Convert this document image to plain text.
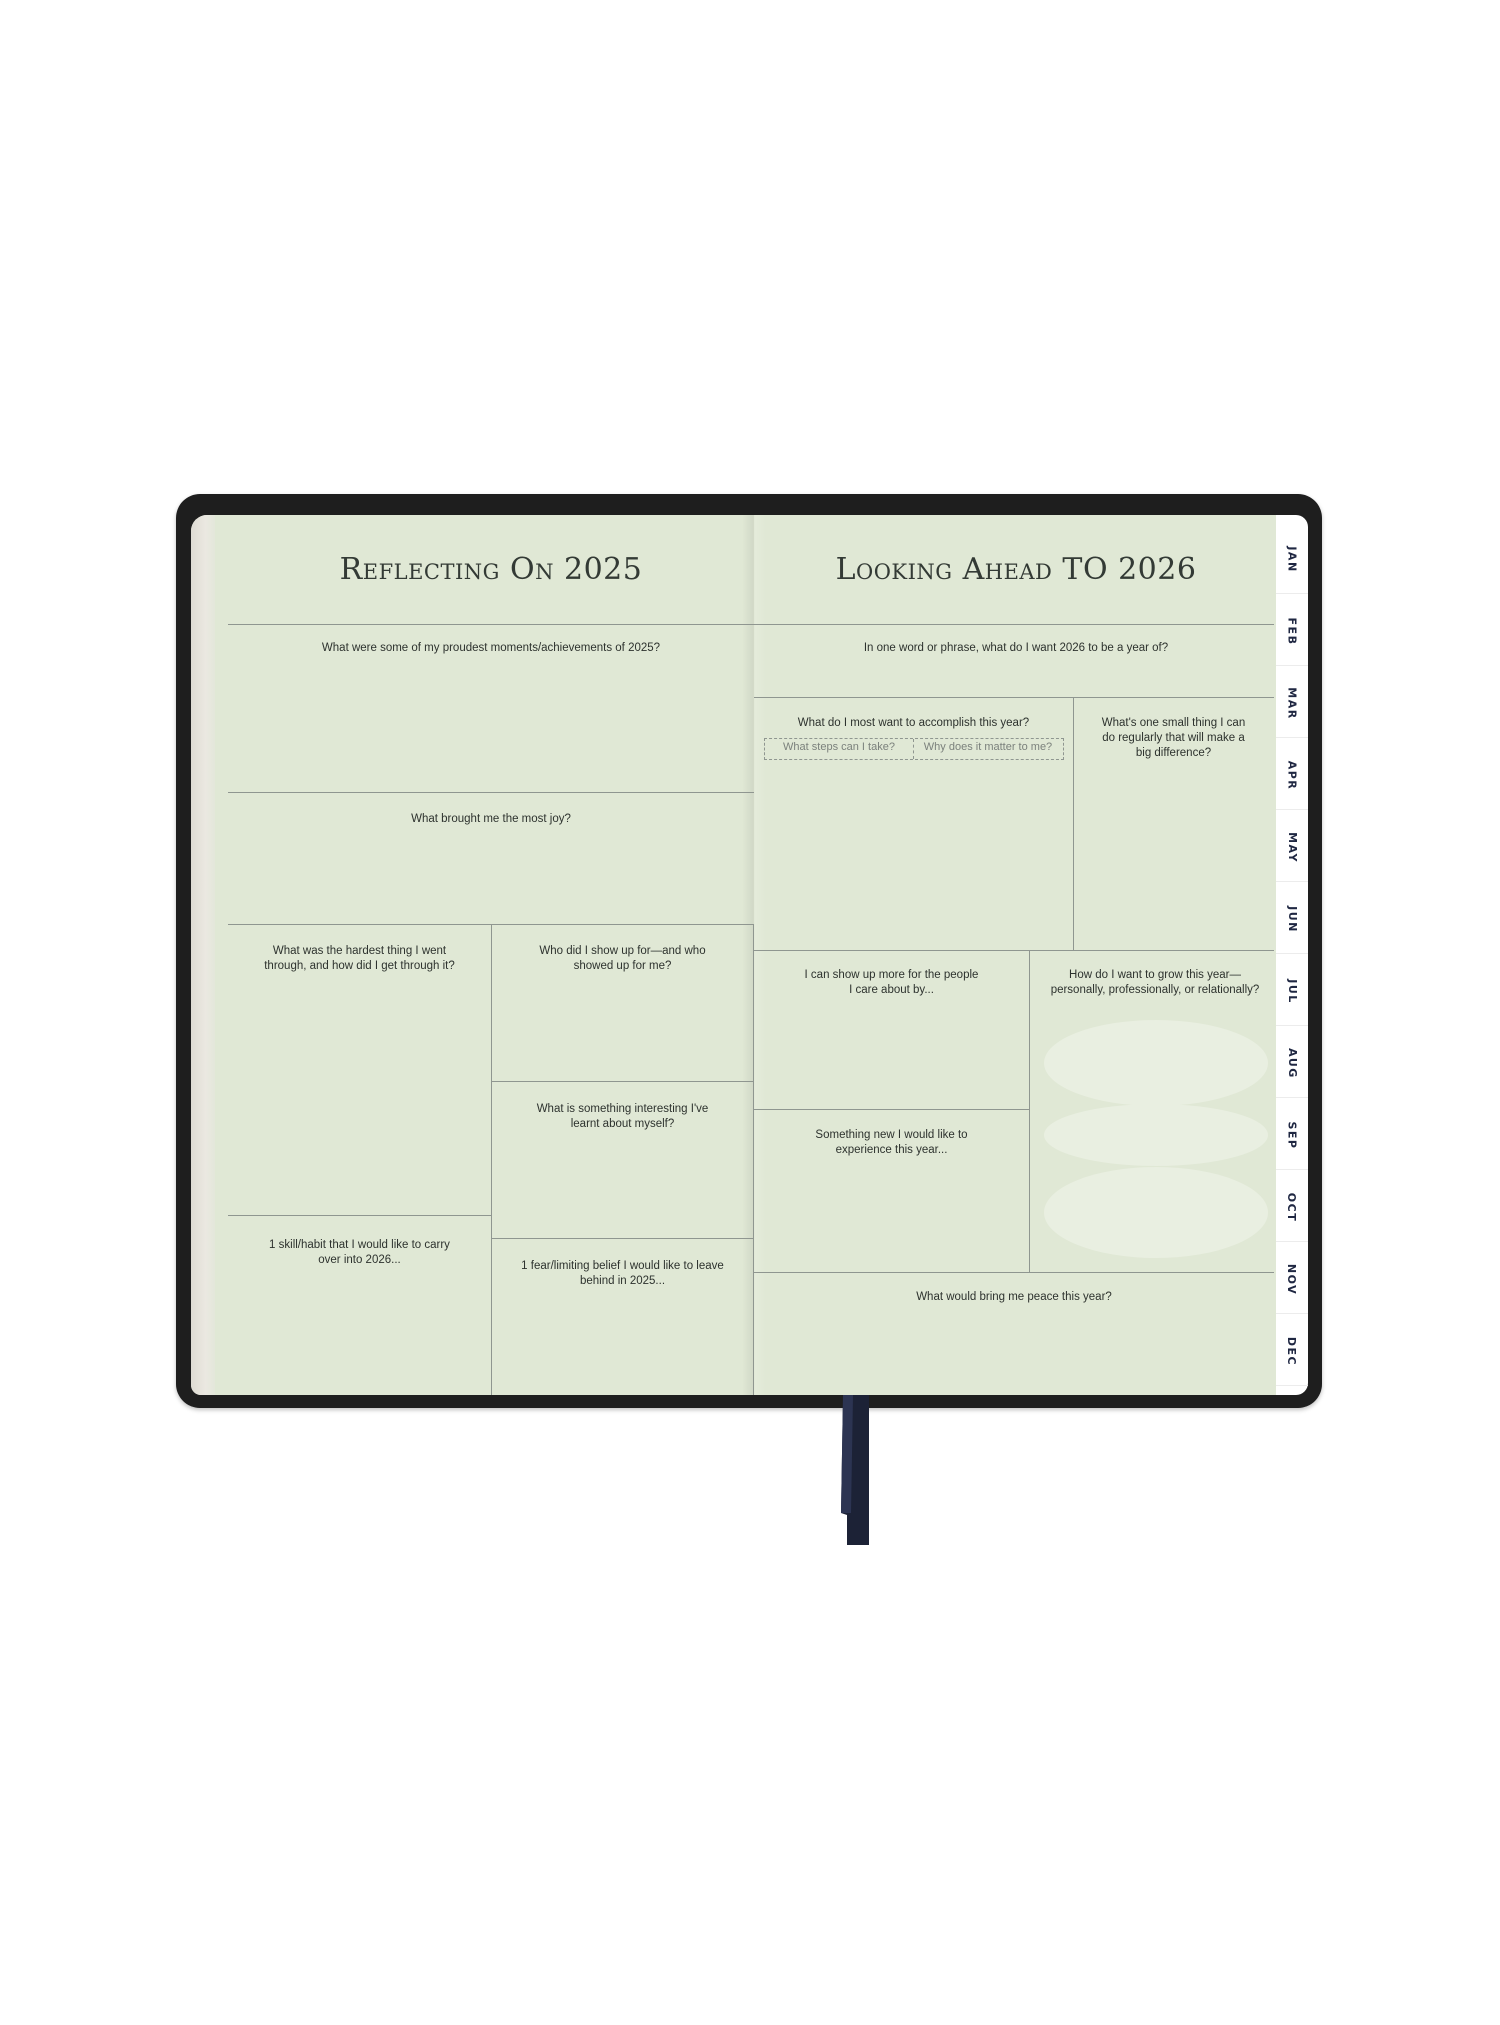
Reflecting On 2025	Looking Ahead TO 2026
What were some of my proudest moments/achievements of 2025?
What brought me the most joy?
What was the hardest thing I went
through, and how did I get through it?
Who did I show up for—and who
showed up for me?
What is something interesting I've
learnt about myself?
1 skill/habit that I would like to carry
over into 2026...	1 fear/limiting belief I would like to leave
behind in 2025...
In one word or phrase, what do I want 2026 to be a year of?
What do I most want to accomplish this year?
What steps can I take?	Why does it matter to me?
What's one small thing I can
do regularly that will make a
big difference?
I can show up more for the people
I care about by...
How do I want to grow this year—
personally, professionally, or relationally?
Something new I would like to
experience this year...
What would bring me peace this year?
JAN
FEB
MAR
APR
MAY
JUN
JUL
AUG
SEP
OCT
NOV
DEC
